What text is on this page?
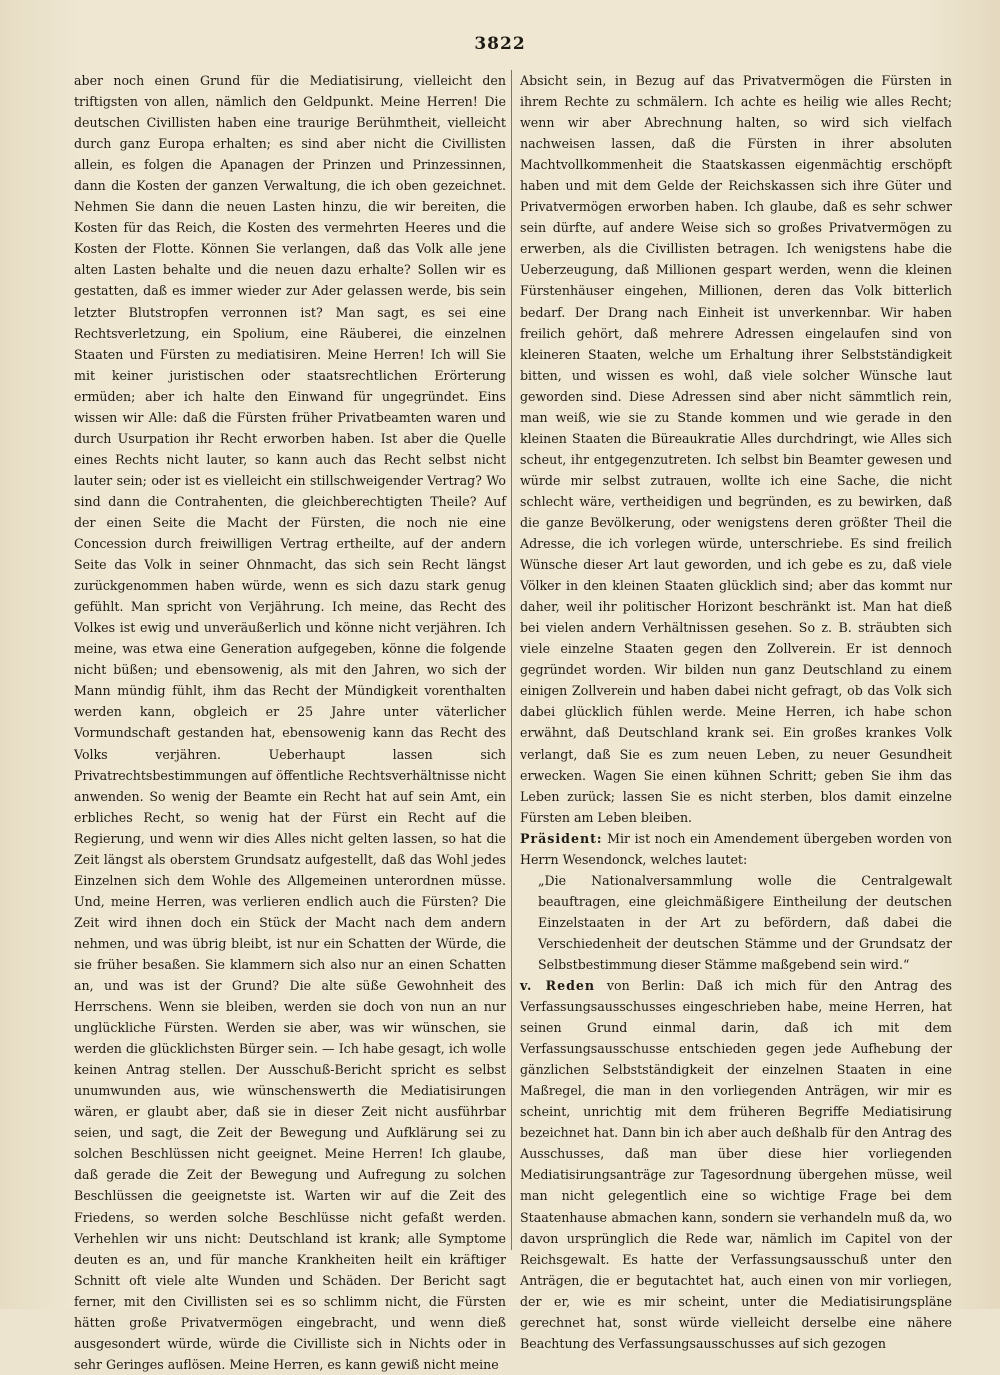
3822

aber noch einen Grund für die Mediatisirung, vielleicht den triftigsten von allen, nämlich den Geldpunkt. Meine Herren! Die deutschen Civillisten haben eine traurige Berühmtheit, vielleicht durch ganz Europa erhalten; es sind aber nicht die Civillisten allein, es folgen die Apanagen der Prinzen und Prinzessinnen, dann die Kosten der ganzen Verwaltung, die ich oben gezeichnet. Nehmen Sie dann die neuen Lasten hinzu, die wir bereiten, die Kosten für das Reich, die Kosten des vermehrten Heeres und die Kosten der Flotte. Können Sie verlangen, daß das Volk alle jene alten Lasten behalte und die neuen dazu erhalte? Sollen wir es gestatten, daß es immer wieder zur Ader gelassen werde, bis sein letzter Blutstropfen verronnen ist? Man sagt, es sei eine Rechtsverletzung, ein Spolium, eine Räuberei, die einzelnen Staaten und Fürsten zu mediatisiren. Meine Herren! Ich will Sie mit keiner juristischen oder staatsrechtlichen Erörterung ermüden; aber ich halte den Einwand für ungegründet. Eins wissen wir Alle: daß die Fürsten früher Privatbeamten waren und durch Usurpation ihr Recht erworben haben. Ist aber die Quelle eines Rechts nicht lauter, so kann auch das Recht selbst nicht lauter sein; oder ist es vielleicht ein stillschweigender Vertrag? Wo sind dann die Contrahenten, die gleichberechtigten Theile? Auf der einen Seite die Macht der Fürsten, die noch nie eine Concession durch freiwilligen Vertrag ertheilte, auf der andern Seite das Volk in seiner Ohnmacht, das sich sein Recht längst zurückgenommen haben würde, wenn es sich dazu stark genug gefühlt. Man spricht von Verjährung. Ich meine, das Recht des Volkes ist ewig und unveräußerlich und könne nicht verjähren. Ich meine, was etwa eine Generation aufgegeben, könne die folgende nicht büßen; und ebensowenig, als mit den Jahren, wo sich der Mann mündig fühlt, ihm das Recht der Mündigkeit vorenthalten werden kann, obgleich er 25 Jahre unter väterlicher Vormundschaft gestanden hat, ebensowenig kann das Recht des Volks verjähren. Ueberhaupt lassen sich Privatrechtsbestimmungen auf öffentliche Rechtsverhältnisse nicht anwenden. So wenig der Beamte ein Recht hat auf sein Amt, ein erbliches Recht, so wenig hat der Fürst ein Recht auf die Regierung, und wenn wir dies Alles nicht gelten lassen, so hat die Zeit längst als oberstem Grundsatz aufgestellt, daß das Wohl jedes Einzelnen sich dem Wohle des Allgemeinen unterordnen müsse. Und, meine Herren, was verlieren endlich auch die Fürsten? Die Zeit wird ihnen doch ein Stück der Macht nach dem andern nehmen, und was übrig bleibt, ist nur ein Schatten der Würde, die sie früher besaßen. Sie klammern sich also nur an einen Schatten an, und was ist der Grund? Die alte süße Gewohnheit des Herrschens. Wenn sie bleiben, werden sie doch von nun an nur unglückliche Fürsten. Werden sie aber, was wir wünschen, sie werden die glücklichsten Bürger sein. — Ich habe gesagt, ich wolle keinen Antrag stellen. Der Ausschuß-Bericht spricht es selbst unumwunden aus, wie wünschenswerth die Mediatisirungen wären, er glaubt aber, daß sie in dieser Zeit nicht ausführbar seien, und sagt, die Zeit der Bewegung und Aufklärung sei zu solchen Beschlüssen nicht geeignet. Meine Herren! Ich glaube, daß gerade die Zeit der Bewegung und Aufregung zu solchen Beschlüssen die geeignetste ist. Warten wir auf die Zeit des Friedens, so werden solche Beschlüsse nicht gefaßt werden. Verhehlen wir uns nicht: Deutschland ist krank; alle Symptome deuten es an, und für manche Krankheiten heilt ein kräftiger Schnitt oft viele alte Wunden und Schäden. Der Bericht sagt ferner, mit den Civillisten sei es so schlimm nicht, die Fürsten hätten große Privatvermögen eingebracht, und wenn dieß ausgesondert würde, würde die Civilliste sich in Nichts oder in sehr Geringes auflösen. Meine Herren, es kann gewiß nicht meine

Absicht sein, in Bezug auf das Privatvermögen die Fürsten in ihrem Rechte zu schmälern. Ich achte es heilig wie alles Recht; wenn wir aber Abrechnung halten, so wird sich vielfach nachweisen lassen, daß die Fürsten in ihrer absoluten Machtvollkommenheit die Staatskassen eigenmächtig erschöpft haben und mit dem Gelde der Reichskassen sich ihre Güter und Privatvermögen erworben haben. Ich glaube, daß es sehr schwer sein dürfte, auf andere Weise sich so großes Privatvermögen zu erwerben, als die Civillisten betragen. Ich wenigstens habe die Ueberzeugung, daß Millionen gespart werden, wenn die kleinen Fürstenhäuser eingehen, Millionen, deren das Volk bitterlich bedarf. Der Drang nach Einheit ist unverkennbar. Wir haben freilich gehört, daß mehrere Adressen eingelaufen sind von kleineren Staaten, welche um Erhaltung ihrer Selbstständigkeit bitten, und wissen es wohl, daß viele solcher Wünsche laut geworden sind. Diese Adressen sind aber nicht sämmtlich rein, man weiß, wie sie zu Stande kommen und wie gerade in den kleinen Staaten die Büreaukratie Alles durchdringt, wie Alles sich scheut, ihr entgegenzutreten. Ich selbst bin Beamter gewesen und würde mir selbst zutrauen, wollte ich eine Sache, die nicht schlecht wäre, vertheidigen und begründen, es zu bewirken, daß die ganze Bevölkerung, oder wenigstens deren größter Theil die Adresse, die ich vorlegen würde, unterschriebe. Es sind freilich Wünsche dieser Art laut geworden, und ich gebe es zu, daß viele Völker in den kleinen Staaten glücklich sind; aber das kommt nur daher, weil ihr politischer Horizont beschränkt ist. Man hat dieß bei vielen andern Verhältnissen gesehen. So z. B. sträubten sich viele einzelne Staaten gegen den Zollverein. Er ist dennoch gegründet worden. Wir bilden nun ganz Deutschland zu einem einigen Zollverein und haben dabei nicht gefragt, ob das Volk sich dabei glücklich fühlen werde. Meine Herren, ich habe schon erwähnt, daß Deutschland krank sei. Ein großes krankes Volk verlangt, daß Sie es zum neuen Leben, zu neuer Gesundheit erwecken. Wagen Sie einen kühnen Schritt; geben Sie ihm das Leben zurück; lassen Sie es nicht sterben, blos damit einzelne Fürsten am Leben bleiben.

Präsident: Mir ist noch ein Amendement übergeben worden von Herrn Wesendonck, welches lautet:

„Die Nationalversammlung wolle die Centralgewalt beauftragen, eine gleichmäßigere Eintheilung der deutschen Einzelstaaten in der Art zu befördern, daß dabei die Verschiedenheit der deutschen Stämme und der Grundsatz der Selbstbestimmung dieser Stämme maßgebend sein wird.“

v. Reden von Berlin: Daß ich mich für den Antrag des Verfassungsausschusses eingeschrieben habe, meine Herren, hat seinen Grund einmal darin, daß ich mit dem Verfassungsausschusse entschieden gegen jede Aufhebung der gänzlichen Selbstständigkeit der einzelnen Staaten in eine Maßregel, die man in den vorliegenden Anträgen, wir mir es scheint, unrichtig mit dem früheren Begriffe Mediatisirung bezeichnet hat. Dann bin ich aber auch deßhalb für den Antrag des Ausschusses, daß man über diese hier vorliegenden Mediatisirungsanträge zur Tagesordnung übergehen müsse, weil man nicht gelegentlich eine so wichtige Frage bei dem Staatenhause abmachen kann, sondern sie verhandeln muß da, wo davon ursprünglich die Rede war, nämlich im Capitel von der Reichsgewalt. Es hatte der Verfassungsausschuß unter den Anträgen, die er begutachtet hat, auch einen von mir vorliegen, der er, wie es mir scheint, unter die Mediatisirungspläne gerechnet hat, sonst würde vielleicht derselbe eine nähere Beachtung des Verfassungsausschusses auf sich gezogen
